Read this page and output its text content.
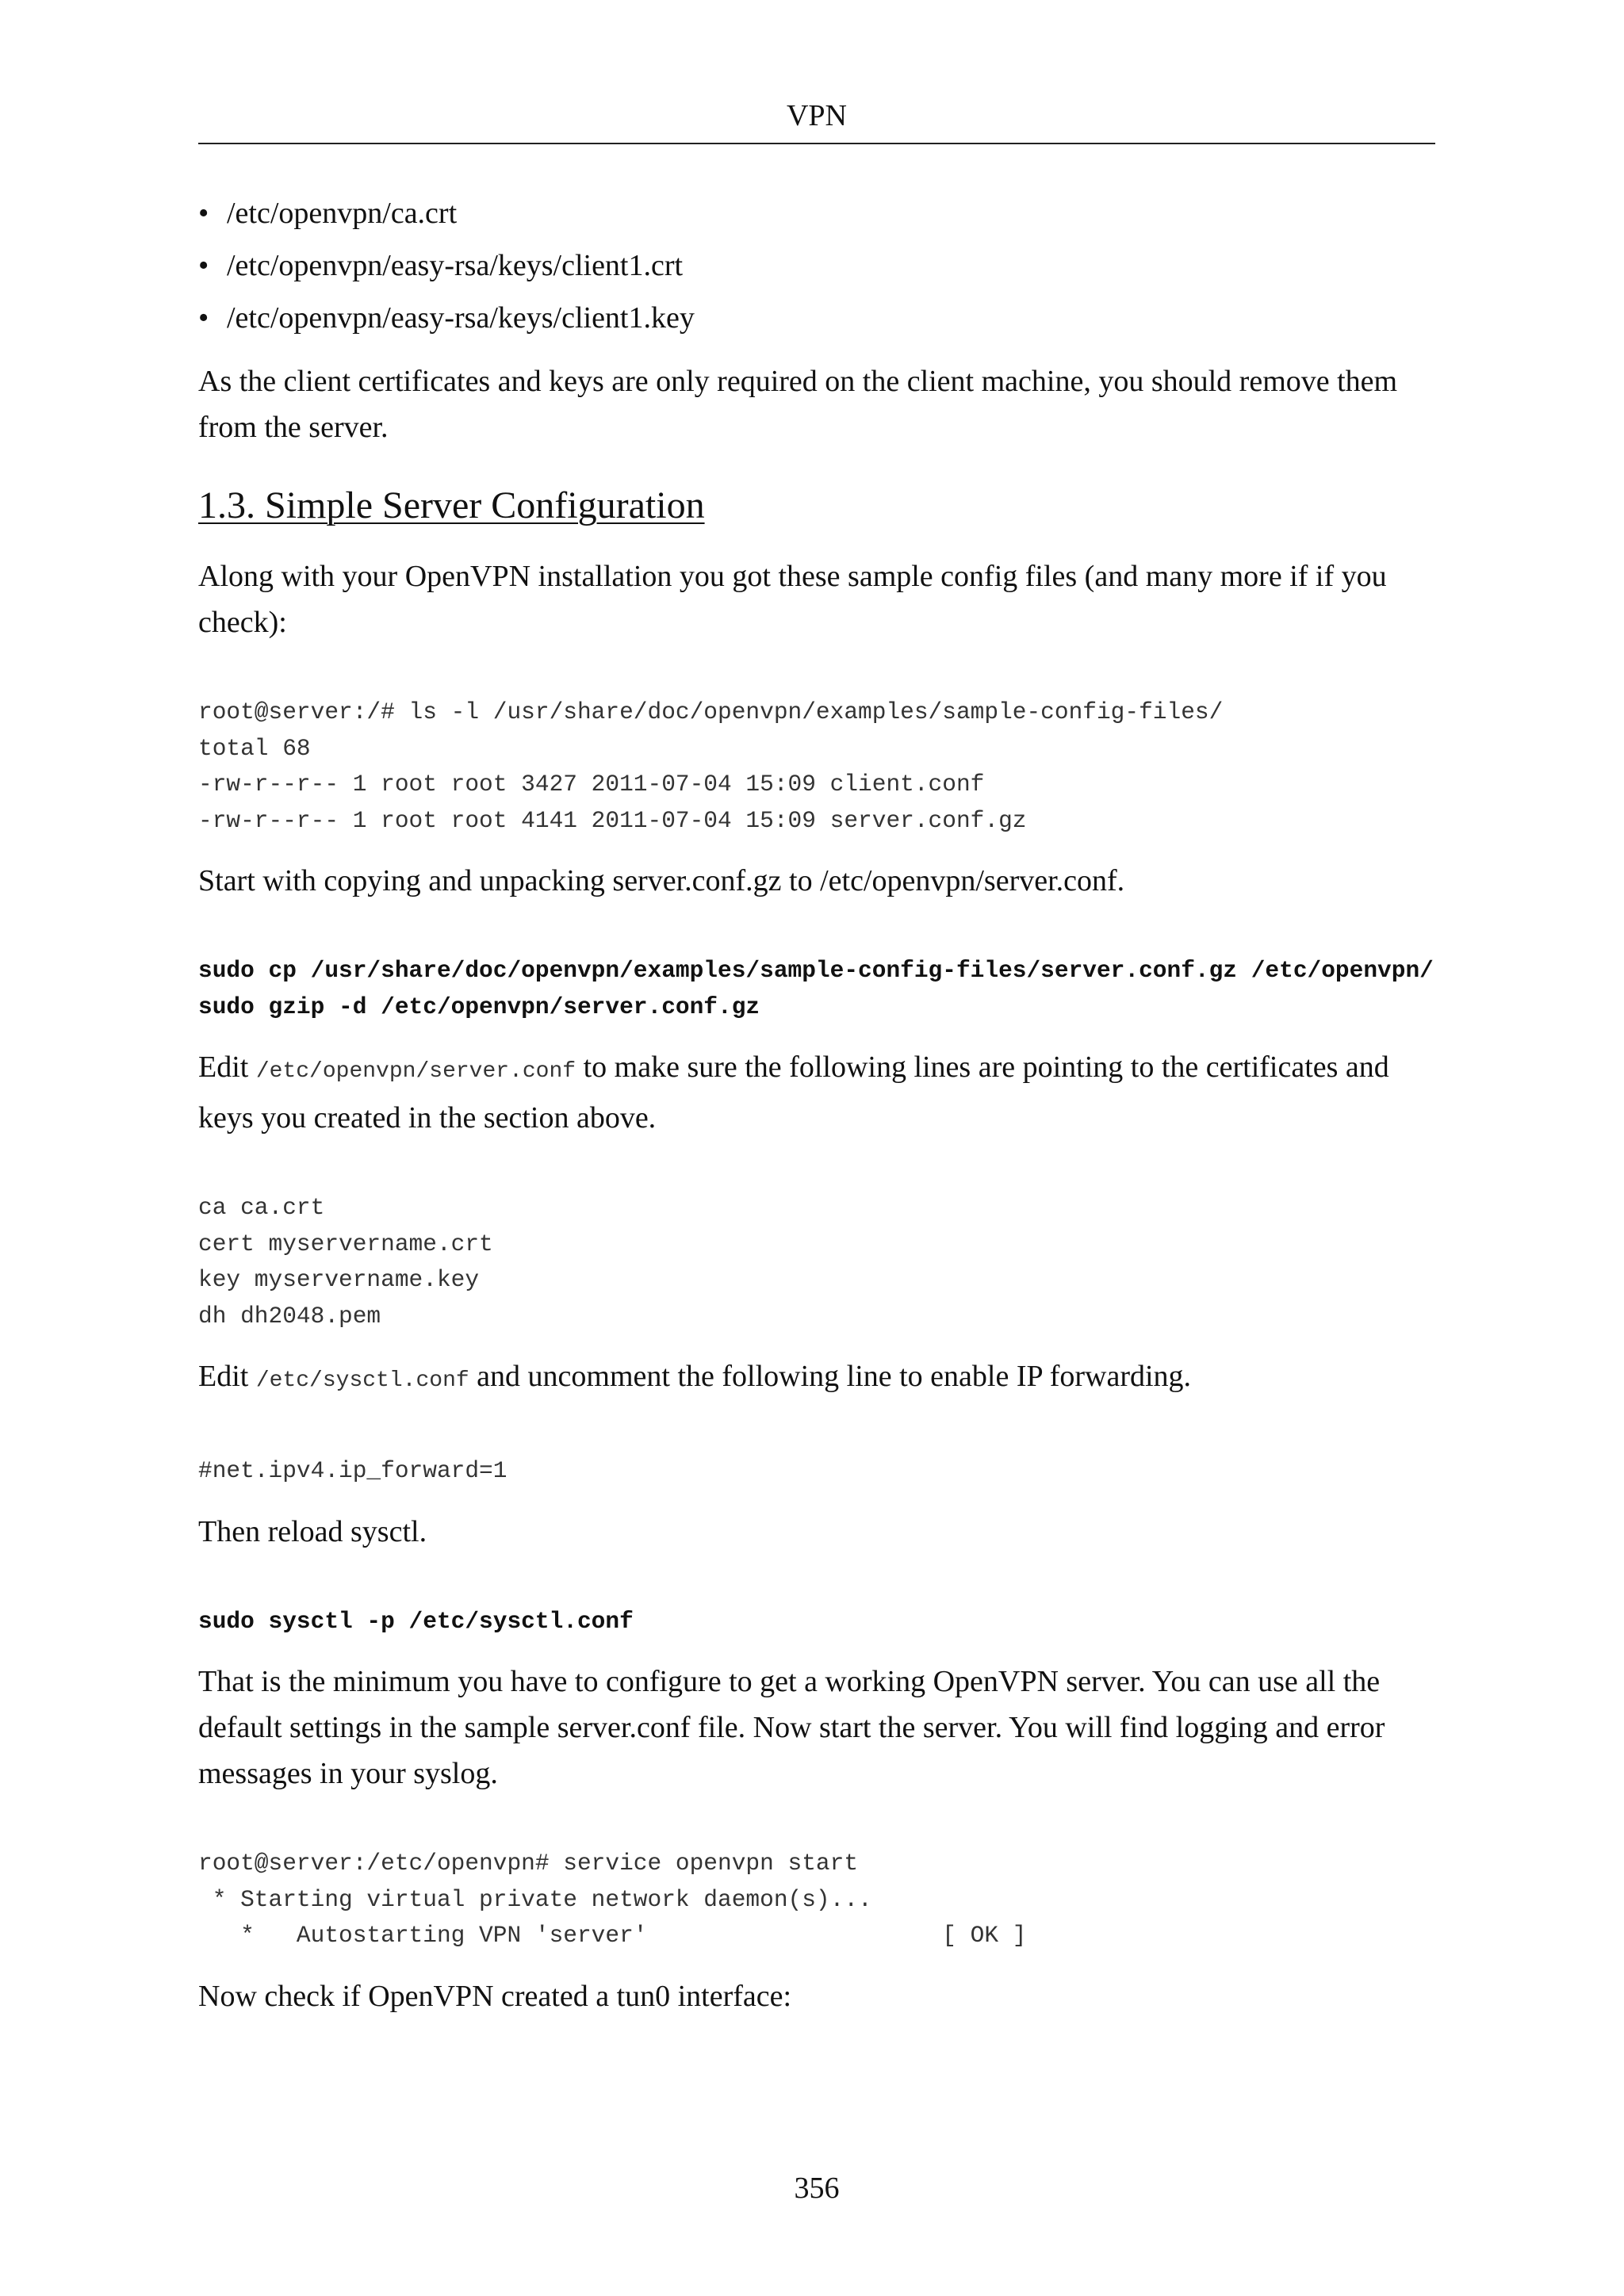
VPN
• /etc/openvpn/ca.crt
• /etc/openvpn/easy-rsa/keys/client1.crt
• /etc/openvpn/easy-rsa/keys/client1.key

As the client certificates and keys are only required on the client machine, you should remove them from the server.

1.3. Simple Server Configuration

Along with your OpenVPN installation you got these sample config files (and many more if if you check):

root@server:/# ls -l /usr/share/doc/openvpn/examples/sample-config-files/
total 68
-rw-r--r-- 1 root root 3427 2011-07-04 15:09 client.conf
-rw-r--r-- 1 root root 4141 2011-07-04 15:09 server.conf.gz

Start with copying and unpacking server.conf.gz to /etc/openvpn/server.conf.

sudo cp /usr/share/doc/openvpn/examples/sample-config-files/server.conf.gz /etc/openvpn/
sudo gzip -d /etc/openvpn/server.conf.gz

Edit /etc/openvpn/server.conf to make sure the following lines are pointing to the certificates and keys you created in the section above.

ca ca.crt
cert myservername.crt
key myservername.key
dh dh2048.pem

Edit /etc/sysctl.conf and uncomment the following line to enable IP forwarding.

#net.ipv4.ip_forward=1

Then reload sysctl.

sudo sysctl -p /etc/sysctl.conf

That is the minimum you have to configure to get a working OpenVPN server. You can use all the default settings in the sample server.conf file. Now start the server. You will find logging and error messages in your syslog.

root@server:/etc/openvpn# service openvpn start
* Starting virtual private network daemon(s)...
*   Autostarting VPN 'server'                     [ OK ]

Now check if OpenVPN created a tun0 interface:

356
